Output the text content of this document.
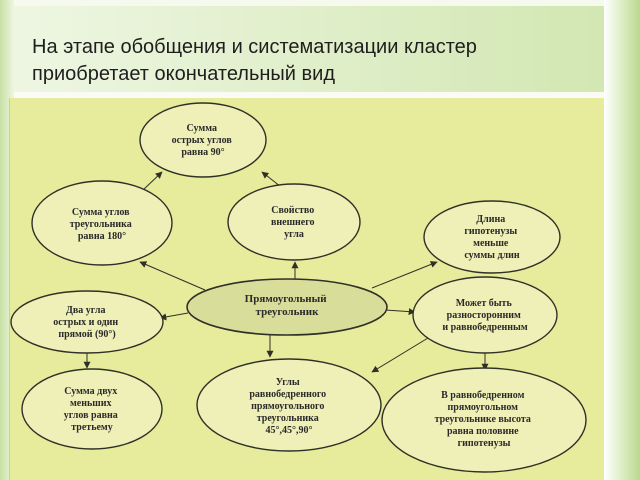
На этапе обобщения и систематизации кластер
приобретает окончательный вид
Сумма острых углов равна 90°
Сумма углов треугольника равна 180°
Свойство внешнего угла
Длина гипотенузы меньше суммы длин
Прямоугольный треугольник
Два угла острых и один прямой (90°)
Может быть разносторонним и равнобедренным
Сумма двух меньших углов равна третьему
Углы равнобедренного прямоугольного треугольника 45°,45°,90°
В равнобедренном прямоугольном треугольнике высота равна половине гипотенузы
